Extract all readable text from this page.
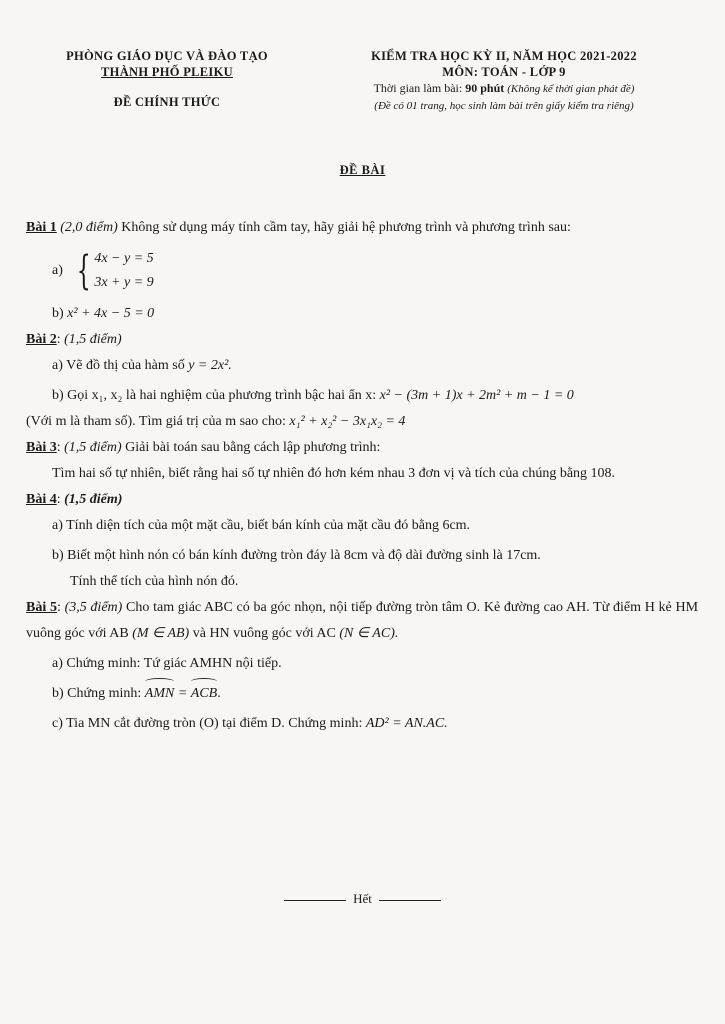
PHÒNG GIÁO DỤC VÀ ĐÀO TẠO
THÀNH PHỐ PLEIKU
ĐỀ CHÍNH THỨC
KIỂM TRA HỌC KỲ II, NĂM HỌC 2021-2022
MÔN: TOÁN - LỚP 9
Thời gian làm bài: 90 phút (Không kể thời gian phát đề)
(Đề có 01 trang, học sinh làm bài trên giấy kiểm tra riêng)
ĐỀ BÀI

Bài 1 (2,0 điểm) Không sử dụng máy tính cầm tay, hãy giải hệ phương trình và phương trình sau:

a) { 4x − y = 5
3x + y = 9

b) x² + 4x − 5 = 0

Bài 2: (1,5 điểm)

a) Vẽ đồ thị của hàm số y = 2x².

b) Gọi x₁, x₂ là hai nghiệm của phương trình bậc hai ẩn x: x² − (3m + 1)x + 2m² + m − 1 = 0

(Với m là tham số). Tìm giá trị của m sao cho: x₁² + x₂² − 3x₁x₂ = 4

Bài 3: (1,5 điểm) Giải bài toán sau bằng cách lập phương trình:

Tìm hai số tự nhiên, biết rằng hai số tự nhiên đó hơn kém nhau 3 đơn vị và tích của chúng bằng 108.

Bài 4: (1,5 điểm)

a) Tính diện tích của một mặt cầu, biết bán kính của mặt cầu đó bằng 6cm.

b) Biết một hình nón có bán kính đường tròn đáy là 8cm và độ dài đường sinh là 17cm.

Tính thể tích của hình nón đó.

Bài 5: (3,5 điểm) Cho tam giác ABC có ba góc nhọn, nội tiếp đường tròn tâm O. Kẻ đường cao AH. Từ điểm H kẻ HM vuông góc với AB (M ∈ AB) và HN vuông góc với AC (N ∈ AC).

a) Chứng minh: Tứ giác AMHN nội tiếp.

b) Chứng minh: AMN = ACB.

c) Tia MN cắt đường tròn (O) tại điểm D. Chứng minh: AD² = AN.AC.

Hết
